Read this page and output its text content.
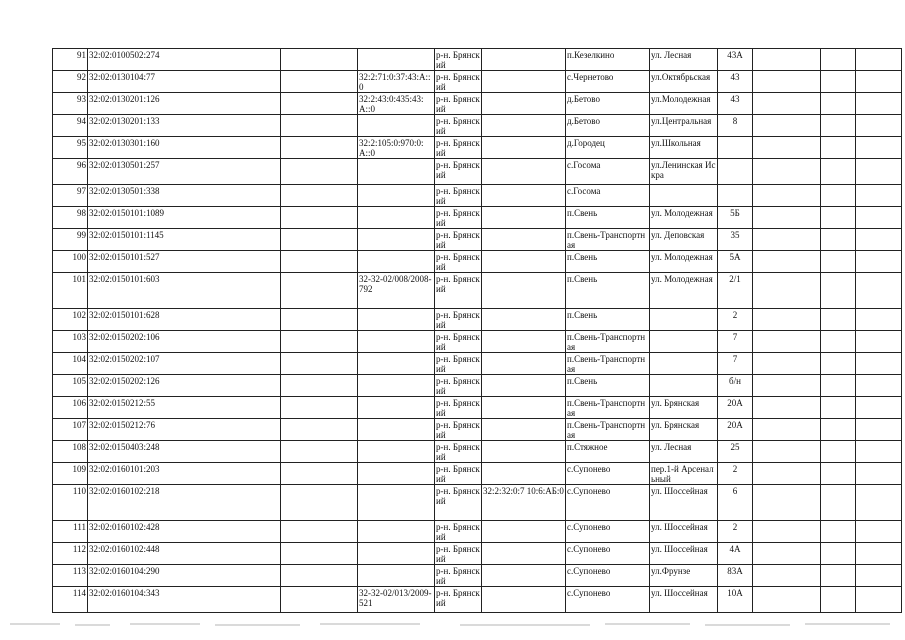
91	32:02:0100502:274			р-н. Брянский		п.Кезелкино	ул. Лесная	43А			
92	32:02:0130104:77		32:2:71:0:37:43:А::0	р-н. Брянский		с.Чернетово	ул.Октябрьская	43			
93	32:02:0130201:126		32:2:43:0:435:43:А::0	р-н. Брянский		д.Бетово	ул.Молодежная	43			
94	32:02:0130201:133			р-н. Брянский		д.Бетово	ул.Центральная	8			
95	32:02:0130301:160		32:2:105:0:970:0:А::0	р-н. Брянский		д.Городец	ул.Школьная				
96	32:02:0130501:257			р-н. Брянский		с.Госома	ул.Ленинская Искра				
97	32:02:0130501:338			р-н. Брянский		с.Госома					
98	32:02:0150101:1089			р-н. Брянский		п.Свень	ул. Молодежная	5Б			
99	32:02:0150101:1145			р-н. Брянский		п.Свень-Транспортная	ул. Деповская	35			
100	32:02:0150101:527			р-н. Брянский		п.Свень	ул. Молодежная	5А			
101	32:02:0150101:603		32-32-02/008/2008-792	р-н. Брянский		п.Свень	ул. Молодежная	2/1			
102	32:02:0150101:628			р-н. Брянский		п.Свень		2			
103	32:02:0150202:106			р-н. Брянский		п.Свень-Транспортная		7			
104	32:02:0150202:107			р-н. Брянский		п.Свень-Транспортная		7			
105	32:02:0150202:126			р-н. Брянский		п.Свень		б/н			
106	32:02:0150212:55			р-н. Брянский		п.Свень-Транспортная	ул. Брянская	20А			
107	32:02:0150212:76			р-н. Брянский		п.Свень-Транспортная	ул. Брянская	20А			
108	32:02:0150403:248			р-н. Брянский		п.Стяжное	ул. Лесная	25			
109	32:02:0160101:203			р-н. Брянский		с.Супонево	пер.1-й Арсенальный	2			
110	32:02:0160102:218			р-н. Брянский	32:2:32:0:7 10:6:АБ:0	с.Супонево	ул. Шоссейная	6			
111	32:02:0160102:428			р-н. Брянский		с.Супонево	ул. Шоссейная	2			
112	32:02:0160102:448			р-н. Брянский		с.Супонево	ул. Шоссейная	4А			
113	32:02:0160104:290			р-н. Брянский		с.Супонево	ул.Фрунзе	83А			
114	32:02:0160104:343		32-32-02/013/2009-521	р-н. Брянский		с.Супонево	ул. Шоссейная	10А			
